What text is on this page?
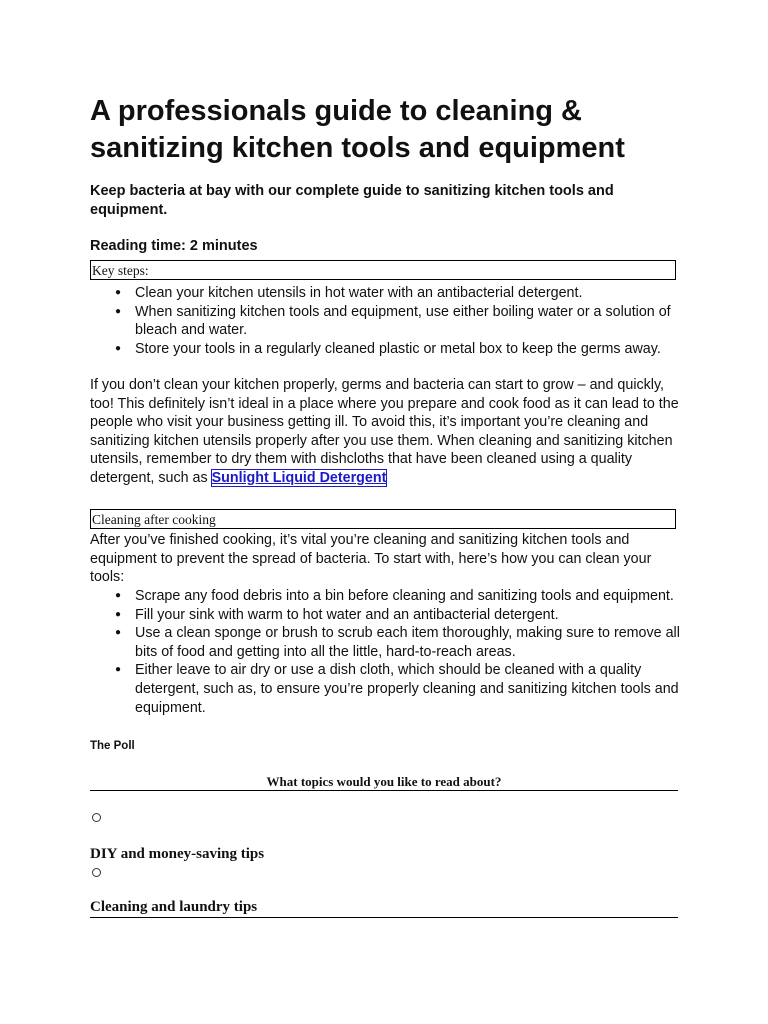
A professionals guide to cleaning & sanitizing kitchen tools and equipment
Keep bacteria at bay with our complete guide to sanitizing kitchen tools and equipment.
Reading time: 2 minutes
Key steps:
● Clean your kitchen utensils in hot water with an antibacterial detergent.
● When sanitizing kitchen tools and equipment, use either boiling water or a solution of bleach and water.
● Store your tools in a regularly cleaned plastic or metal box to keep the germs away.

If you don’t clean your kitchen properly, germs and bacteria can start to grow – and quickly, too! This definitely isn’t ideal in a place where you prepare and cook food as it can lead to the people who visit your business getting ill. To avoid this, it’s important you’re cleaning and sanitizing kitchen utensils properly after you use them. When cleaning and sanitizing kitchen utensils, remember to dry them with dishcloths that have been cleaned using a quality detergent, such as Sunlight Liquid Detergent

Cleaning after cooking

After you’ve finished cooking, it’s vital you’re cleaning and sanitizing kitchen tools and equipment to prevent the spread of bacteria. To start with, here’s how you can clean your tools:

● Scrape any food debris into a bin before cleaning and sanitizing tools and equipment.
● Fill your sink with warm to hot water and an antibacterial detergent.
● Use a clean sponge or brush to scrub each item thoroughly, making sure to remove all bits of food and getting into all the little, hard-to-reach areas.
● Either leave to air dry or use a dish cloth, which should be cleaned with a quality detergent, such as, to ensure you’re properly cleaning and sanitizing kitchen tools and equipment.
The Poll
What topics would you like to read about?
DIY and money-saving tips
Cleaning and laundry tips
